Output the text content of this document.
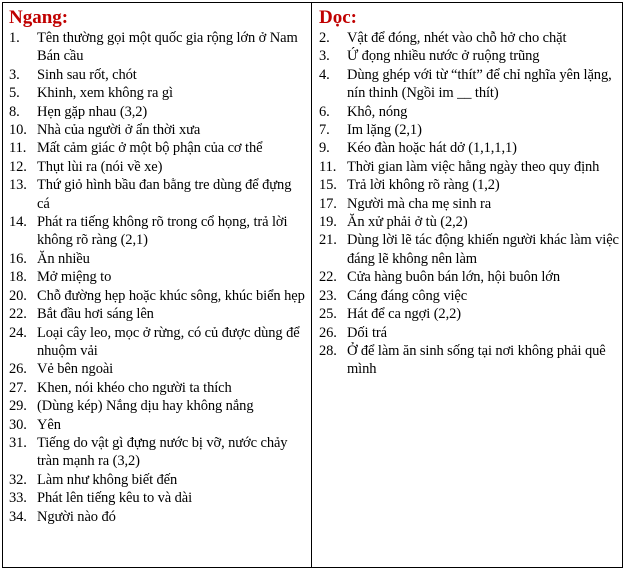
Ngang:
1. Tên thường gọi một quốc gia rộng lớn ở Nam Bán cầu
3. Sinh sau rốt, chót
5. Khinh, xem không ra gì
8. Hẹn gặp nhau (3,2)
10. Nhà của người ở ẩn thời xưa
11. Mất cảm giác ở một bộ phận của cơ thể
12. Thụt lùi ra (nói về xe)
13. Thứ giỏ hình bầu đan bằng tre dùng để đựng cá
14. Phát ra tiếng không rõ trong cổ họng, trả lời không rõ ràng (2,1)
16. Ăn nhiều
18. Mở miệng to
20. Chỗ đường hẹp hoặc khúc sông, khúc biển hẹp
22. Bắt đầu hơi sáng lên
24. Loại cây leo, mọc ở rừng, có củ được dùng để nhuộm vải
26. Vẻ bên ngoài
27. Khen, nói khéo cho người ta thích
29. (Dùng kép) Nắng dịu hay không nắng
30. Yên
31. Tiếng do vật gì đựng nước bị vỡ, nước chảy tràn mạnh ra (3,2)
32. Làm như không biết đến
33. Phát lên tiếng kêu to và dài
34. Người nào đó
Dọc:
2. Vật để đóng, nhét vào chỗ hở cho chặt
3. Ứ đọng nhiều nước ở ruộng trũng
4. Dùng ghép với từ “thít” để chỉ nghĩa yên lặng, nín thinh (Ngồi im __ thít)
6. Khô, nóng
7. Im lặng (2,1)
9. Kéo đàn hoặc hát dở (1,1,1,1)
11. Thời gian làm việc hằng ngày theo quy định
15. Trả lời không rõ ràng (1,2)
17. Người mà cha mẹ sinh ra
19. Ăn xử phải ở tù (2,2)
21. Dùng lời lẽ tác động khiến người khác làm việc đáng lẽ không nên làm
22. Cửa hàng buôn bán lớn, hội buôn lớn
23. Cáng đáng công việc
25. Hát để ca ngợi (2,2)
26. Dối trá
28. Ở để làm ăn sinh sống tại nơi không phải quê mình
